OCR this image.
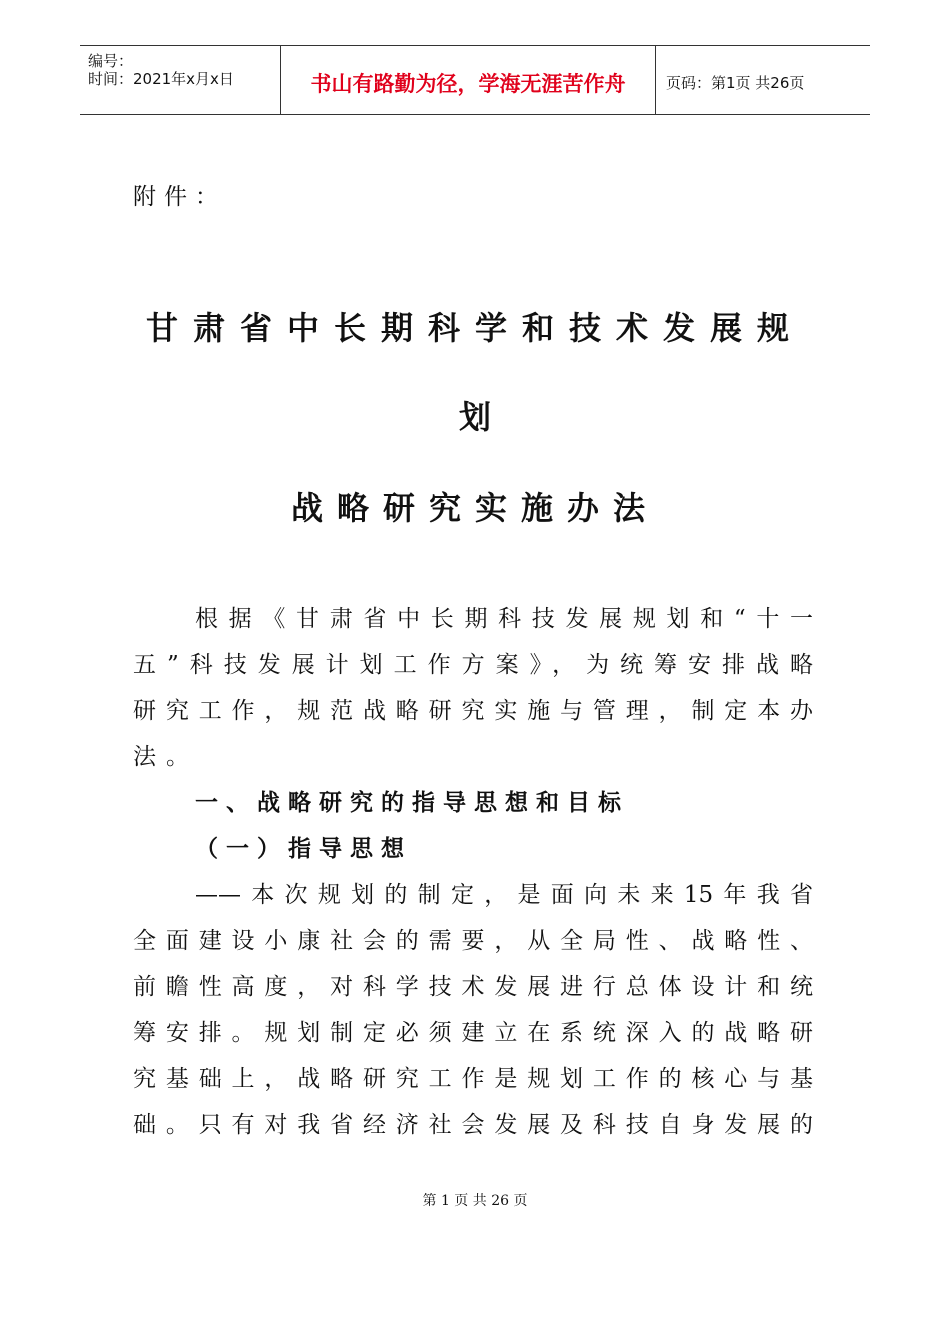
编号：
时间：2021年x月x日	书山有路勤为径，学海无涯苦作舟	页码：第1页 共26页
附件：
甘肃省中长期科学和技术发展规
划
战略研究实施办法
根据《甘肃省中长期科技发展规划和“十一
五”科技发展计划工作方案》，为统筹安排战略
研究工作，规范战略研究实施与管理，制定本办
法。
一、战略研究的指导思想和目标
（一）指导思想
——本次规划的制定，是面向未来15年我省
全面建设小康社会的需要，从全局性、战略性、
前瞻性高度，对科学技术发展进行总体设计和统
筹安排。规划制定必须建立在系统深入的战略研
究基础上，战略研究工作是规划工作的核心与基
础。只有对我省经济社会发展及科技自身发展的
第 1 页 共 26 页
